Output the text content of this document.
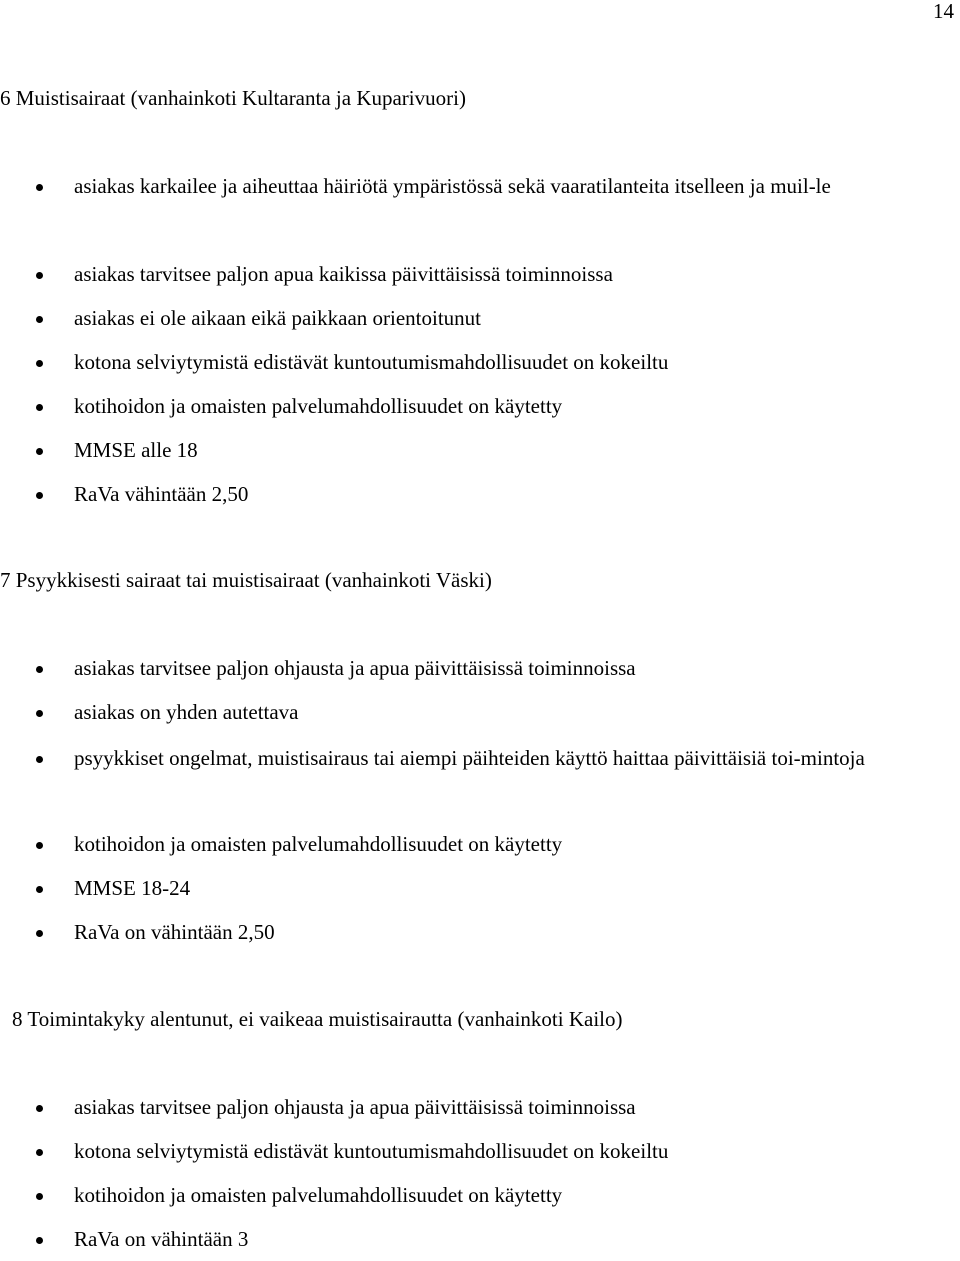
14
6 Muistisairaat (vanhainkoti Kultaranta ja Kuparivuori)
asiakas karkailee ja aiheuttaa häiriötä ympäristössä sekä vaaratilanteita itselleen ja muil-le
asiakas tarvitsee paljon apua kaikissa päivittäisissä toiminnoissa
asiakas ei ole aikaan eikä paikkaan orientoitunut
kotona selviytymistä edistävät kuntoutumismahdollisuudet on kokeiltu
kotihoidon ja omaisten palvelumahdollisuudet on käytetty
MMSE alle 18
RaVa vähintään 2,50
7 Psyykkisesti sairaat tai muistisairaat (vanhainkoti Väski)
asiakas tarvitsee paljon ohjausta ja apua päivittäisissä toiminnoissa
asiakas on yhden autettava
psyykkiset ongelmat, muistisairaus tai aiempi päihteiden käyttö haittaa päivittäisiä toi-mintoja
kotihoidon ja omaisten palvelumahdollisuudet on käytetty
MMSE 18-24
RaVa on vähintään 2,50
8 Toimintakyky alentunut, ei vaikeaa muistisairautta (vanhainkoti Kailo)
asiakas tarvitsee paljon ohjausta ja apua päivittäisissä toiminnoissa
kotona selviytymistä edistävät kuntoutumismahdollisuudet on kokeiltu
kotihoidon ja omaisten palvelumahdollisuudet on käytetty
RaVa on vähintään 3
